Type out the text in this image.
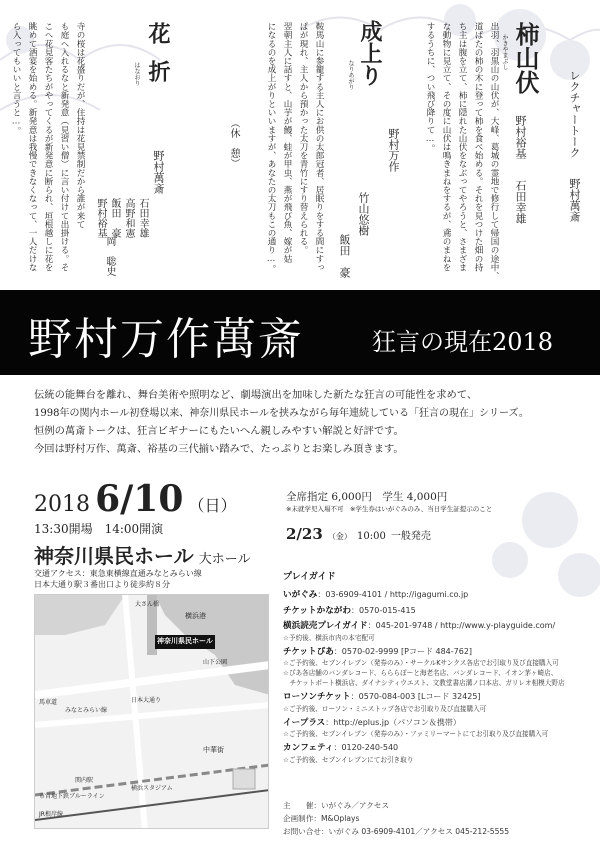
レクチャートーク
野村萬斎
柿山伏
かきやまぶし
野村裕基
石田幸雄
出羽、羽黒山の山伏が、大峰、葛城の霊地で修行して帰国の途中、
道ばたの柿の木に登って柿を食べ始める。それを見つけた畑の持
ち主は腹を立て、柿に隠れた山伏をなぶってやろうと、さまざま
な動物に見立て、その度に山伏は鳴きまねをするが、鳶のまねを
するうちに、つい飛び降りて…。
成上り
なりあがり
野村万作
竹山悠樹
飯田　豪
鞍馬山に参籠する主人にお供の太郎冠者、居眠りをする間にすっ
ぱが現れ、主人から預かった太刀を青竹にすり替えられる。
翌朝主人に話すと、山芋が鰻、蛙が甲虫、燕が飛び魚、嫁が姑
になるのを成上がりといいますが、あなたの太刀もこの通り…。
（休　憩）
花折
はなおり
野村萬斎
石田幸雄
高野和憲
飯田　豪
野村裕基
岡　聡史
寺の桜は花盛りだが、住持は花見禁制だから誰が来て
も庭へ入れるなと新発意（見習い僧）に言い付けて出掛ける。そ
こへ花見客たちがやってくるが新発意に断られ、垣根越しに花を
眺めて酒宴を始める。新発意は我慢できなくなって、一人だけな
ら入ってもいいと言うと…。
野村万作萬斎	狂言の現在2018
伝統の能舞台を離れ、舞台美術や照明など、劇場演出を加味した新たな狂言の可能性を求めて、
1998年の関内ホール初登場以来、神奈川県民ホールを挟みながら毎年連続している「狂言の現在」シリーズ。
恒例の萬斎トークは、狂言ビギナーにもたいへん親しみやすい解説と好評です。
今回は野村万作、萬斎、裕基の三代揃い踏みで、たっぷりとお楽しみ頂きます。
2018 6/10 （日）
13:30開場　14:00開演
神奈川県民ホール 大ホール
交通アクセス：東急東横線直通みなとみらい線
日本大通り駅３番出口より徒歩約８分
全席指定 6,000円　学生 4,000円
※未就学児入場不可　※学生券はいがぐみのみ、当日学生証提示のこと
2/23 （金） 10:00 一般発売
プレイガイド
いがぐみ：03-6909-4101 / http://igagumi.co.jp
チケットかながわ：0570-015-415
横浜読売プレイガイド：045-201-9748 / http://www.y-playguide.com/
☆予約後、横浜市内の本宅配可
チケットぴあ：0570-02-9999 [Pコード 484-762]
☆ご予約後、セブンイレブン（発券のみ）・サークルKサンクス各店でお引取り及び直接購入可
☆ぴあ各店舗のバンダレコード、らららぽーと海老名店、バンダレコード、イオン茅ヶ崎店、
　チケットポート横浜店、ダイナシティウエスト、文教堂書店溝ノ口本店、ガリレオ相模大野店
ローソンチケット：0570-084-003 [Lコード 32425]
☆ご予約後、ローソン・ミニストップ各店でお引取り及び直接購入可
イープラス：http://eplus.jp（パソコン＆携帯）
☆ご予約後、セブンイレブン（発券のみ）・ファミリーマートにてお引取り及び直接購入可
カンフェティ：0120-240-540
☆ご予約後、セブンイレブンにてお引き取り
大さん橋
横浜港
神奈川県民ホール
山下公園
日本大通り
馬車道
みなとみらい線
中華街
関内駅
市営地下鉄ブルーライン
JR根岸線
横浜スタジアム
主　　催：いがぐみ／アクセス
企画制作：M&Oplays
お問い合せ：いがぐみ 03-6909-4101／アクセス 045-212-5555
